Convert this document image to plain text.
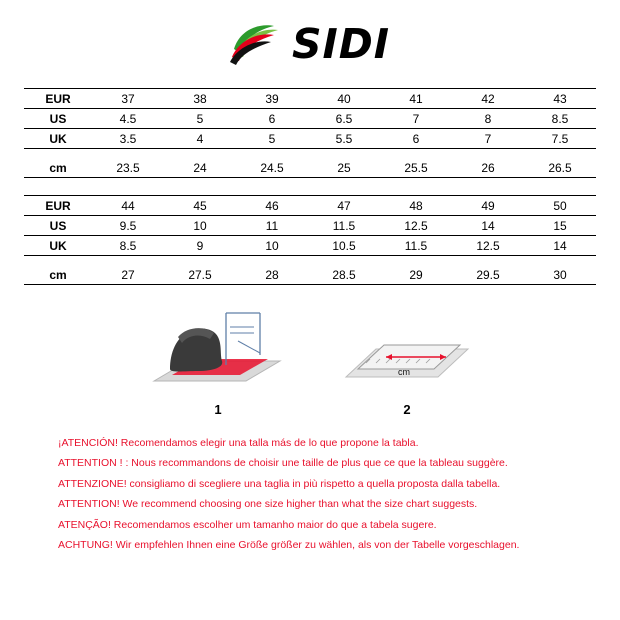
SIDI
EUR	37	38	39	40	41	42	43
US	4.5	5	6	6.5	7	8	8.5
UK	3.5	4	5	5.5	6	7	7.5

cm	23.5	24	24.5	25	25.5	26	26.5
EUR	44	45	46	47	48	49	50
US	9.5	10	11	11.5	12.5	14	15
UK	8.5	9	10	10.5	11.5	12.5	14

cm	27	27.5	28	28.5	29	29.5	30
1
cm
2
¡ATENCIÓN! Recomendamos elegir una talla más de lo que propone la tabla.
ATTENTION ! : Nous recommandons de choisir une taille de plus que ce que la tableau suggère.
ATTENZIONE! consigliamo di scegliere una taglia in più rispetto a quella proposta dalla tabella.
ATTENTION! We recommend choosing one size higher than what the size chart suggests.
ATENÇÃO! Recomendamos escolher um tamanho maior do que a tabela sugere.
ACHTUNG! Wir empfehlen Ihnen eine Größe größer zu wählen, als von der Tabelle vorgeschlagen.
